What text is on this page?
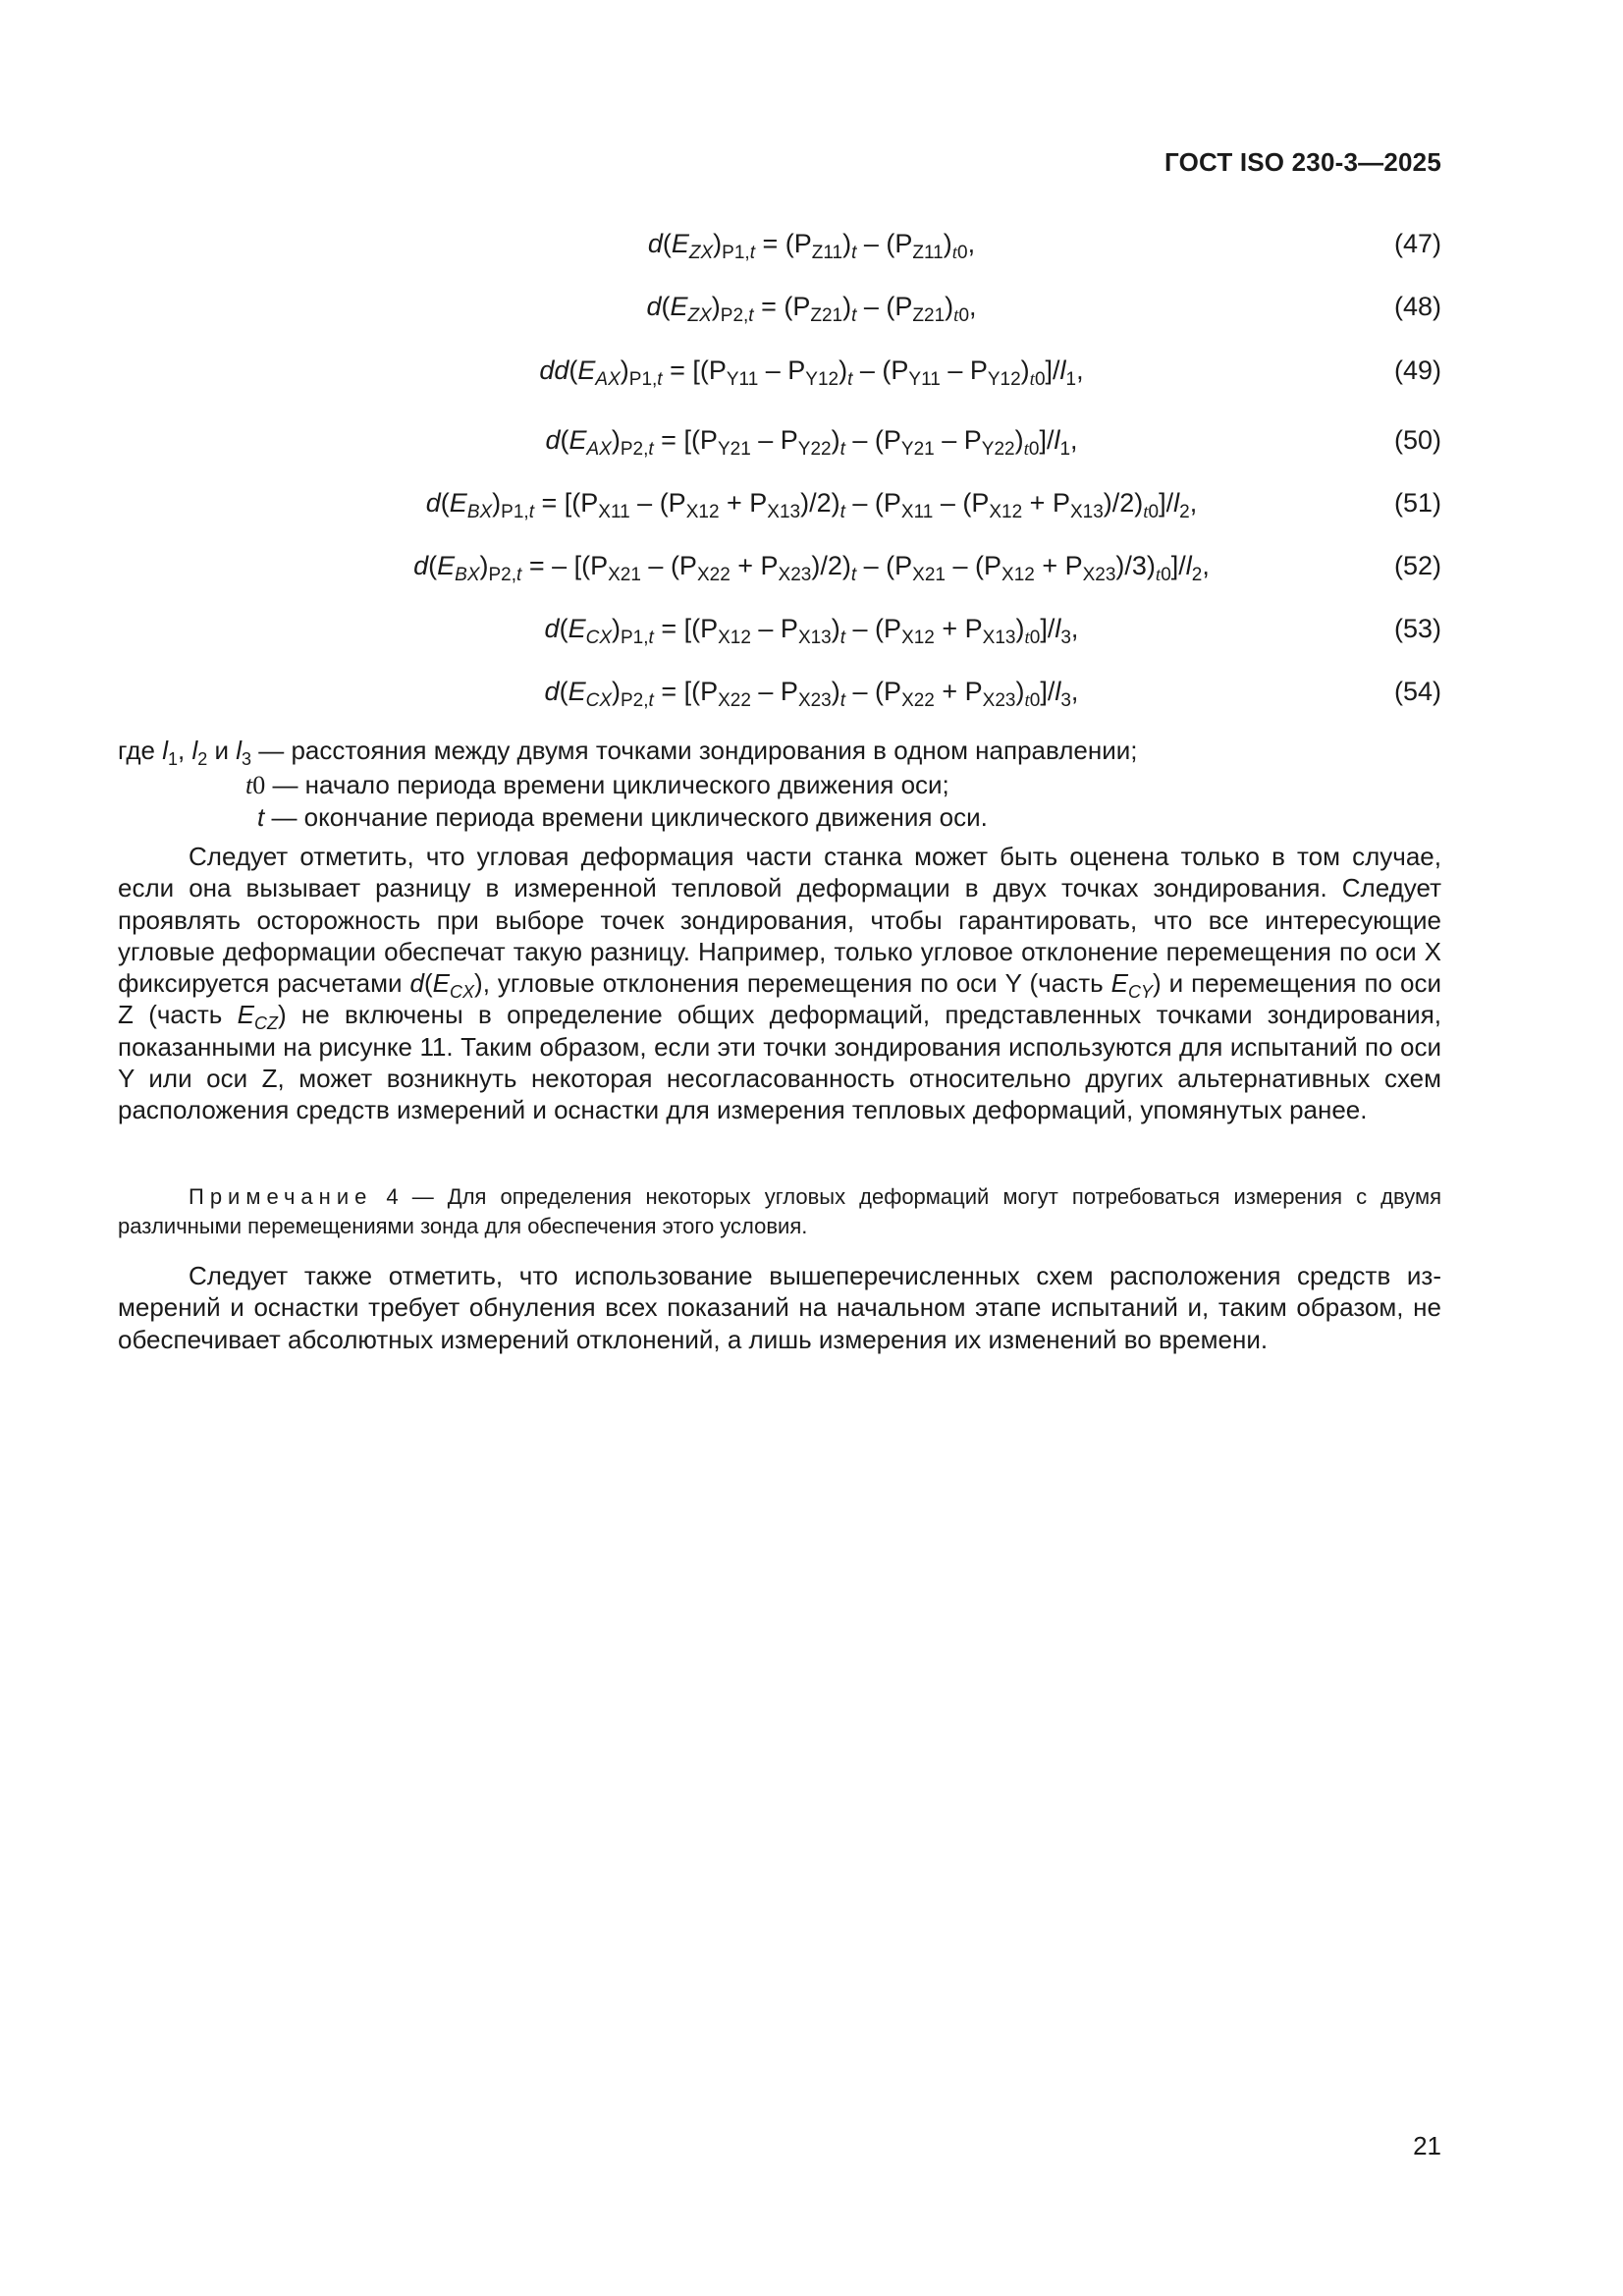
ГОСТ ISO 230-3—2025
$d(E_{ZX})_{P1,t} = (P_{Z11})_t - (P_{Z11})_{t0}$,	(47)
$d(E_{ZX})_{P2,t} = (P_{Z21})_t - (P_{Z21})_{t0}$,	(48)
$dd(E_{AX})_{P1,t} = [(P_{Y11} - P_{Y12})_t - (P_{Y11} - P_{Y12})_{t0}]/l_1$,	(49)
$d(E_{AX})_{P2,t} = [(P_{Y21} - P_{Y22})_t - (P_{Y21} - P_{Y22})_{t0}]/l_1$,	(50)
$d(E_{BX})_{P1,t} = [(P_{X11} - (P_{X12} + P_{X13})/2)_t - (P_{X11} - (P_{X12} + P_{X13})/2)_{t0}]/l_2$,	(51)
$d(E_{BX})_{P2,t}$ = – $[(P_{X21} - (P_{X22} + P_{X23})/2)_t - (P_{X21} - (P_{X12} + P_{X23})/3)_{t0}]/l_2$,	(52)
$d(E_{CX})_{P1,t} = [(P_{X12} - P_{X13})_t - (P_{X12} + P_{X13})_{t0}]/l_3$,	(53)
$d(E_{CX})_{P2,t} = [(P_{X22} - P_{X23})_t - (P_{X22} + P_{X23})_{t0}]/l_3$,	(54)
где $l_1$, $l_2$ и $l_3$ — расстояния между двумя точками зондирования в одном направлении;
t0 — начало периода времени циклического движения оси;
t — окончание периода времени циклического движения оси.
Следует отметить, что угловая деформация части станка может быть оценена только в том случае, если она вызывает разницу в измеренной тепловой деформации в двух точках зондирования. Следует проявлять осторожность при выборе точек зондирования, чтобы гарантировать, что все интересующие угловые деформации обеспечат такую разницу. Например, только угловое отклонение перемещения по оси X фиксируется расчетами $d(E_{CX})$, угловые отклонения перемещения по оси Y (часть $E_{CY}$) и перемещения по оси Z (часть $E_{CZ}$) не включены в определение общих деформаций, представленных точками зондирования, показанными на рисунке 11. Таким образом, если эти точки зондирования используются для испытаний по оси Y или оси Z, может возникнуть некоторая несогласованность относительно других альтернативных схем расположения средств измерений и оснастки для измерения тепловых деформаций, упомянутых ранее.
Примечание 4 — Для определения некоторых угловых деформаций могут потребоваться измерения с двумя различными перемещениями зонда для обеспечения этого условия.
Следует также отметить, что использование вышеперечисленных схем расположения средств измерений и оснастки требует обнуления всех показаний на начальном этапе испытаний и, таким образом, не обеспечивает абсолютных измерений отклонений, а лишь измерения их изменений во времени.
21
